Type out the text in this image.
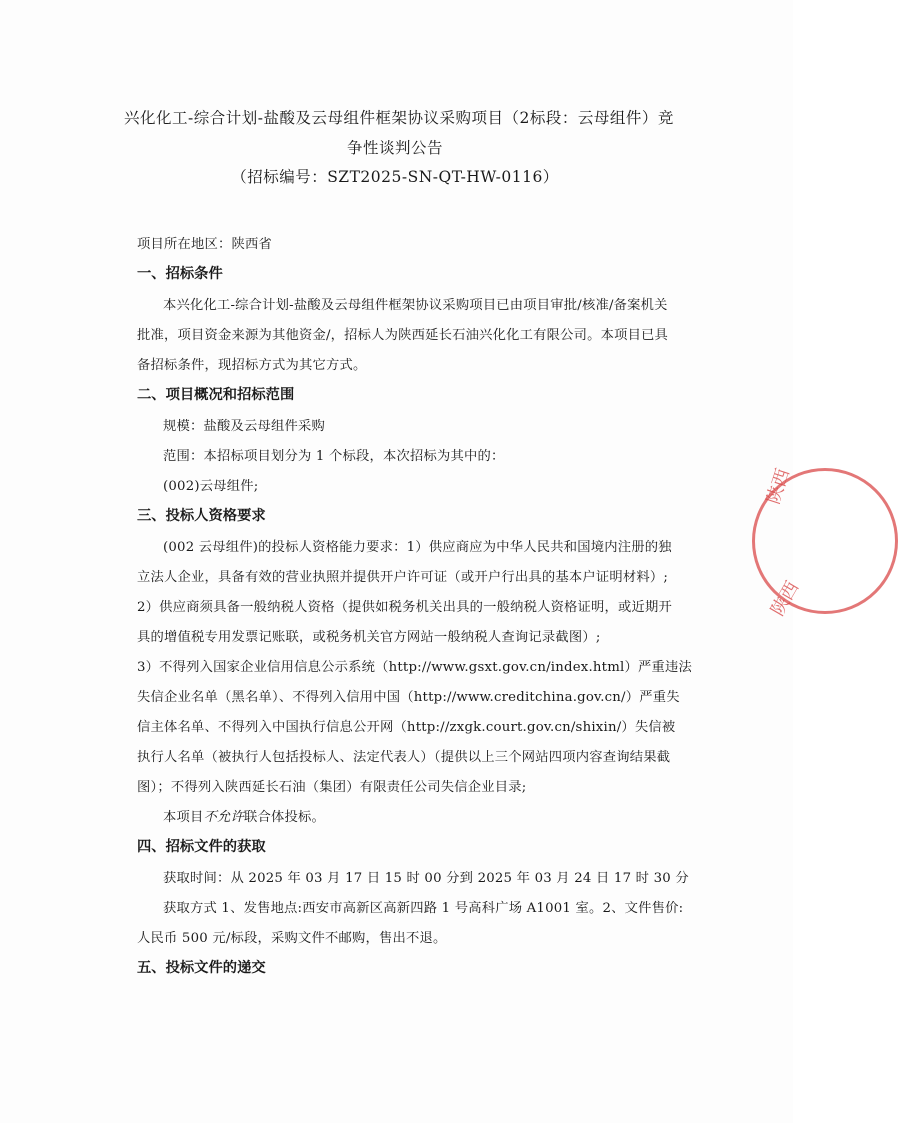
兴化化工-综合计划-盐酸及云母组件框架协议采购项目（2标段：云母组件）竞
争性谈判公告
（招标编号：SZT2025-SN-QT-HW-0116）
项目所在地区：陕西省
一、招标条件
本兴化化工-综合计划-盐酸及云母组件框架协议采购项目已由项目审批/核准/备案机关
批准，项目资金来源为其他资金/，招标人为陕西延长石油兴化化工有限公司。本项目已具
备招标条件，现招标方式为其它方式。
二、项目概况和招标范围
规模：盐酸及云母组件采购
范围：本招标项目划分为 1 个标段，本次招标为其中的：
(002)云母组件;
三、投标人资格要求
(002 云母组件)的投标人资格能力要求：1）供应商应为中华人民共和国境内注册的独
立法人企业，具备有效的营业执照并提供开户许可证（或开户行出具的基本户证明材料）;
2）供应商须具备一般纳税人资格（提供如税务机关出具的一般纳税人资格证明，或近期开
具的增值税专用发票记账联，或税务机关官方网站一般纳税人查询记录截图）;
3）不得列入国家企业信用信息公示系统（http://www.gsxt.gov.cn/index.html）严重违法
失信企业名单（黑名单）、不得列入信用中国（http://www.creditchina.gov.cn/）严重失
信主体名单、不得列入中国执行信息公开网（http://zxgk.court.gov.cn/shixin/）失信被
执行人名单（被执行人包括投标人、法定代表人）（提供以上三个网站四项内容查询结果截
图）；不得列入陕西延长石油（集团）有限责任公司失信企业目录;
本项目不允许联合体投标。
四、招标文件的获取
获取时间：从 2025 年 03 月 17 日 15 时 00 分到 2025 年 03 月 24 日 17 时 30 分
获取方式 1、发售地点:西安市高新区高新四路 1 号高科广场 A1001 室。2、文件售价:
人民币 500 元/标段，采购文件不邮购，售出不退。
五、投标文件的递交
陕西
陕西
